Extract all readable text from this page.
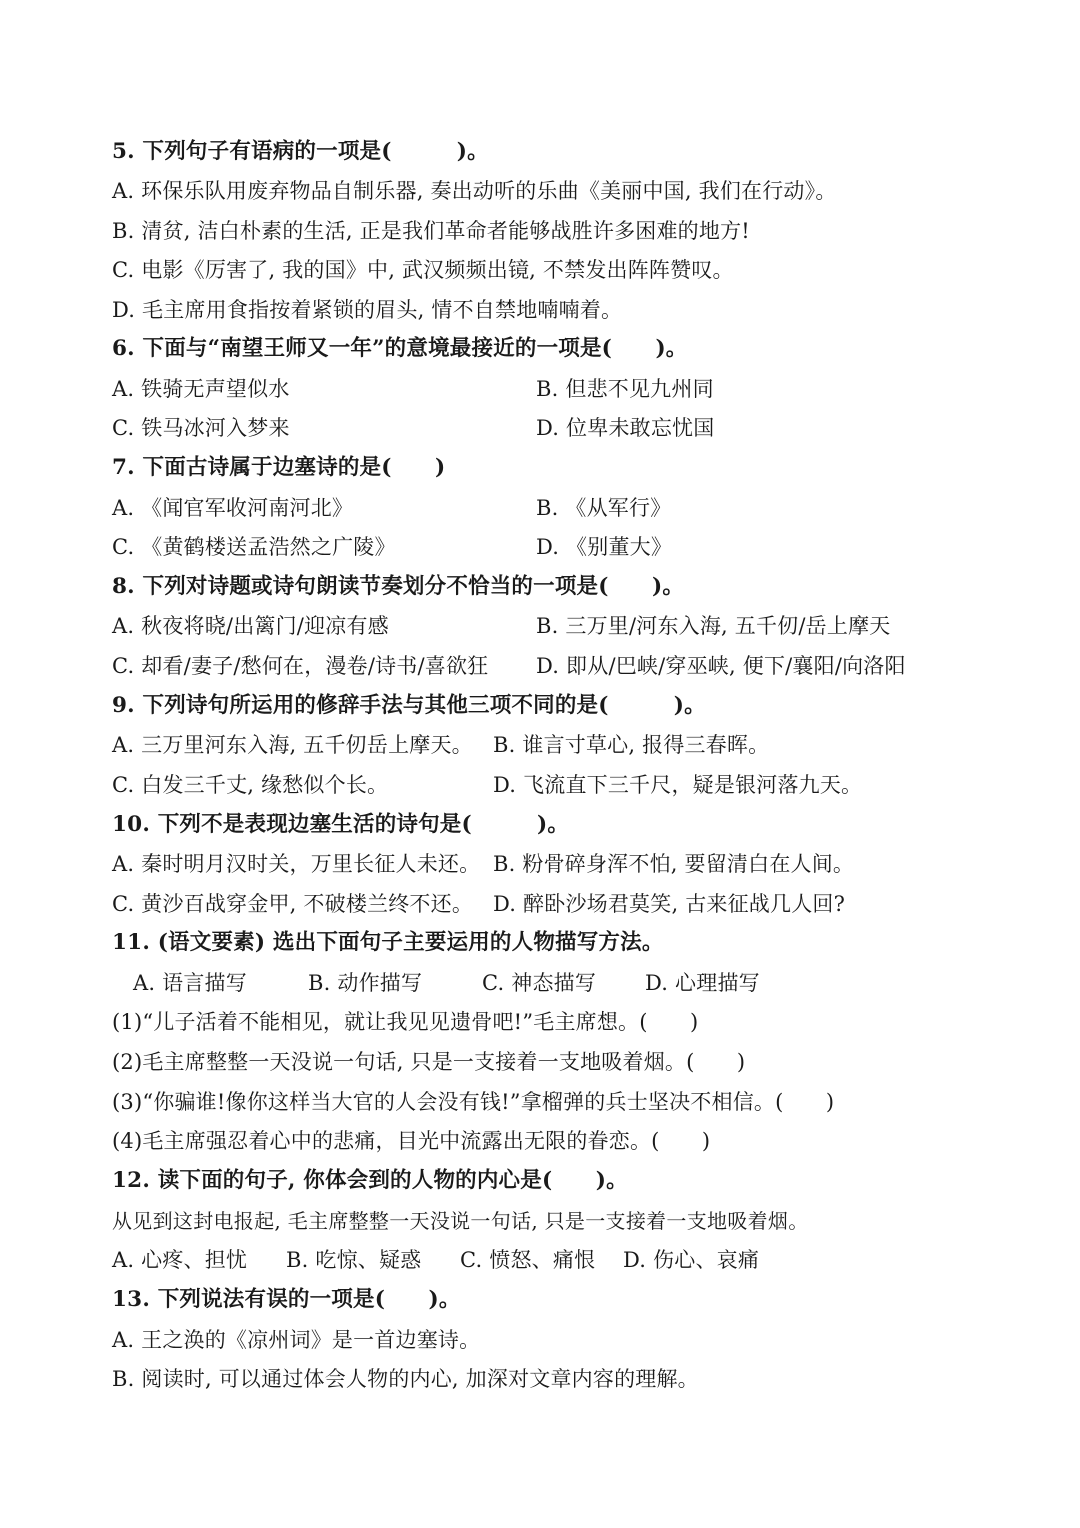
5. 下列句子有语病的一项是(　　　)。
A. 环保乐队用废弃物品自制乐器, 奏出动听的乐曲《美丽中国, 我们在行动》。
B. 清贫, 洁白朴素的生活, 正是我们革命者能够战胜许多困难的地方!
C. 电影《厉害了, 我的国》中, 武汉频频出镜, 不禁发出阵阵赞叹。
D. 毛主席用食指按着紧锁的眉头, 情不自禁地喃喃着。
6. 下面与“南望王师又一年”的意境最接近的一项是(　　)。
A. 铁骑无声望似水	B. 但悲不见九州同
C. 铁马冰河入梦来	D. 位卑未敢忘忧国
7. 下面古诗属于边塞诗的是(　　)
A. 《闻官军收河南河北》	B. 《从军行》
C. 《黄鹤楼送孟浩然之广陵》	D. 《别董大》
8. 下列对诗题或诗句朗读节奏划分不恰当的一项是(　　)。
A. 秋夜将晓/出篱门/迎凉有感	B. 三万里/河东入海, 五千仞/岳上摩天
C. 却看/妻子/愁何在，漫卷/诗书/喜欲狂 D. 即从/巴峡/穿巫峡, 便下/襄阳/向洛阳
9. 下列诗句所运用的修辞手法与其他三项不同的是(　　　)。
A. 三万里河东入海, 五千仞岳上摩天。 B. 谁言寸草心, 报得三春晖。
C. 白发三千丈, 缘愁似个长。	D. 飞流直下三千尺，疑是银河落九天。
10. 下列不是表现边塞生活的诗句是(　　　)。
A. 秦时明月汉时关，万里长征人未还。 B. 粉骨碎身浑不怕, 要留清白在人间。
C. 黄沙百战穿金甲, 不破楼兰终不还。 D. 醉卧沙场君莫笑, 古来征战几人回?
11. (语文要素) 选出下面句子主要运用的人物描写方法。
A. 语言描写	B. 动作描写	C. 神态描写 D. 心理描写
(1)“儿子活着不能相见，就让我见见遗骨吧!”毛主席想。(　　)
(2)毛主席整整一天没说一句话, 只是一支接着一支地吸着烟。(　　)
(3)“你骗谁!像你这样当大官的人会没有钱!”拿榴弹的兵士坚决不相信。(　　)
(4)毛主席强忍着心中的悲痛，目光中流露出无限的眷恋。(　　)
12. 读下面的句子, 你体会到的人物的内心是(　　)。
从见到这封电报起, 毛主席整整一天没说一句话, 只是一支接着一支地吸着烟。
A. 心疼、担忧 B. 吃惊、疑惑 C. 愤怒、痛恨 D. 伤心、哀痛
13. 下列说法有误的一项是(　　)。
A. 王之涣的《凉州词》是一首边塞诗。
B. 阅读时, 可以通过体会人物的内心, 加深对文章内容的理解。
